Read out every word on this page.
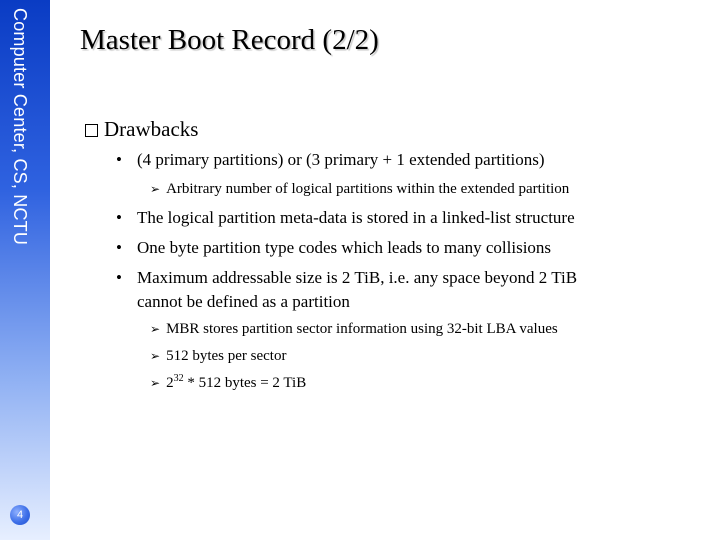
Computer Center, CS, NCTU
4
Master Boot Record (2/2)
Drawbacks
• (4 primary partitions) or (3 primary + 1 extended partitions)
➢ Arbitrary number of logical partitions within the extended partition
• The logical partition meta-data is stored in a linked-list structure
• One byte partition type codes which leads to many collisions
• Maximum addressable size is 2 TiB, i.e. any space beyond 2 TiB
cannot be defined as a partition
➢ MBR stores partition sector information using 32-bit LBA values
➢ 512 bytes per sector
➢ $2^{32} * 512$ bytes = 2 TiB
